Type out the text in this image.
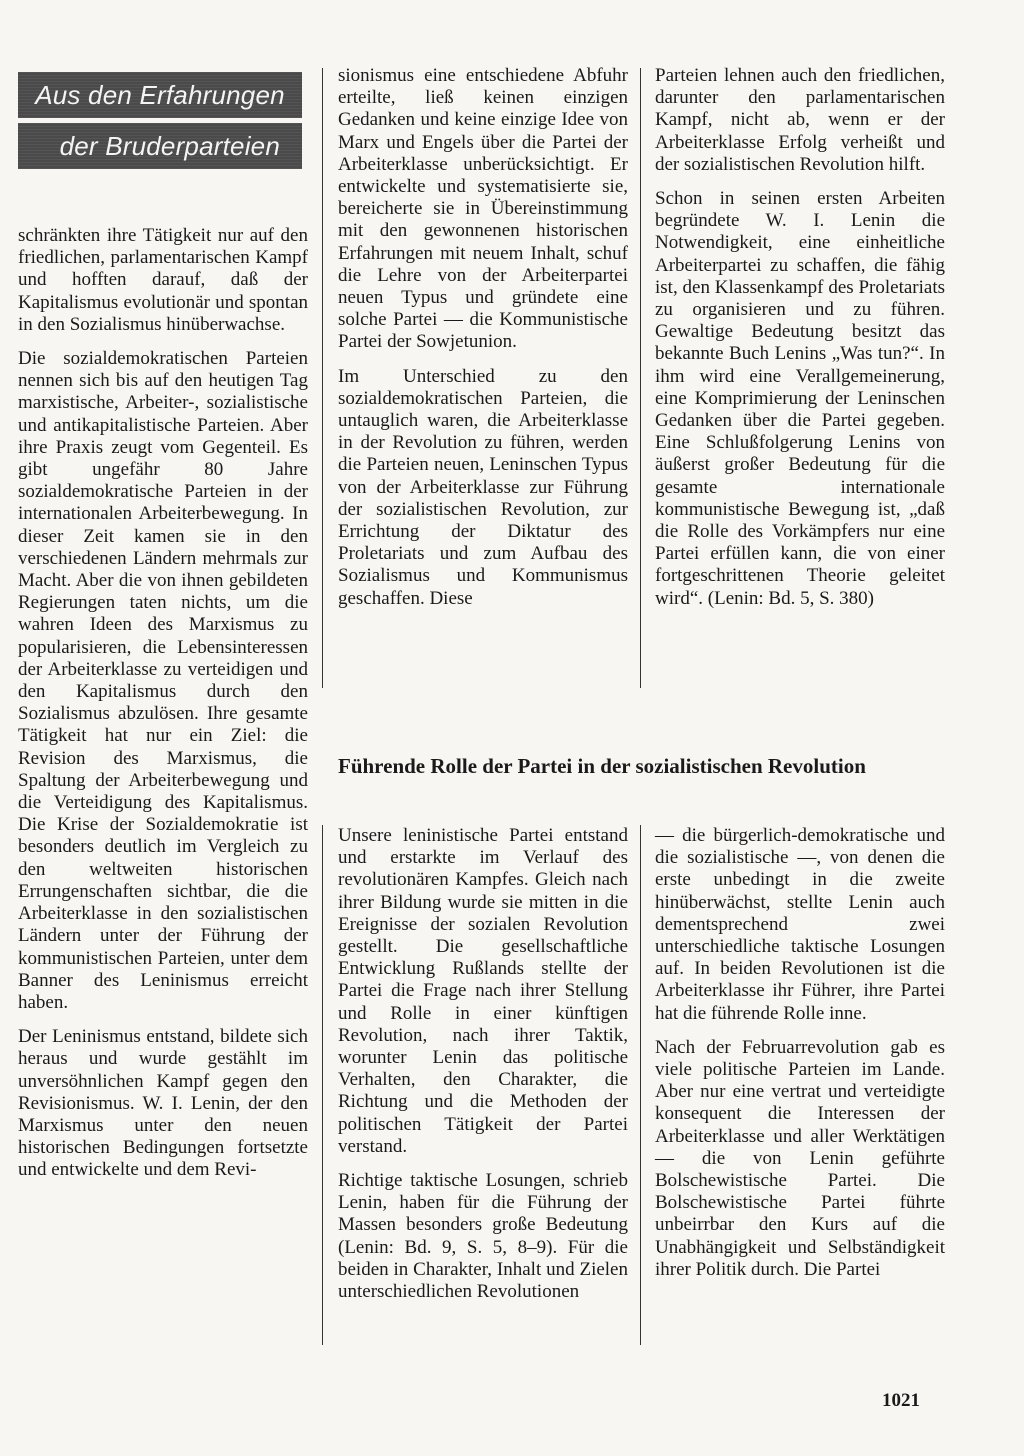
Aus den Erfahrungen
der Bruderparteien

schränkten ihre Tätigkeit nur auf den friedlichen, parlamentarischen Kampf und hofften darauf, daß der Kapitalismus evolutionär und spontan in den Sozialismus hinüberwachse.

Die sozialdemokratischen Parteien nennen sich bis auf den heutigen Tag marxistische, Arbeiter-, sozialistische und antikapitalistische Parteien. Aber ihre Praxis zeugt vom Gegenteil. Es gibt ungefähr 80 Jahre sozialdemokratische Parteien in der internationalen Arbeiterbewegung. In dieser Zeit kamen sie in den verschiedenen Ländern mehrmals zur Macht. Aber die von ihnen gebildeten Regierungen taten nichts, um die wahren Ideen des Marxismus zu popularisieren, die Lebensinteressen der Arbeiterklasse zu verteidigen und den Kapitalismus durch den Sozialismus abzulösen. Ihre gesamte Tätigkeit hat nur ein Ziel: die Revision des Marxismus, die Spaltung der Arbeiterbewegung und die Verteidigung des Kapitalismus. Die Krise der Sozialdemokratie ist besonders deutlich im Vergleich zu den weltweiten historischen Errungenschaften sichtbar, die die Arbeiterklasse in den sozialistischen Ländern unter der Führung der kommunistischen Parteien, unter dem Banner des Leninismus erreicht haben.

Der Leninismus entstand, bildete sich heraus und wurde gestählt im unversöhnlichen Kampf gegen den Revisionismus. W. I. Lenin, der den Marxismus unter den neuen historischen Bedingungen fortsetzte und entwickelte und dem Revi-

sionismus eine entschiedene Abfuhr erteilte, ließ keinen einzigen Gedanken und keine einzige Idee von Marx und Engels über die Partei der Arbeiterklasse unberücksichtigt. Er entwickelte und systematisierte sie, bereicherte sie in Übereinstimmung mit den gewonnenen historischen Erfahrungen mit neuem Inhalt, schuf die Lehre von der Arbeiterpartei neuen Typus und gründete eine solche Partei — die Kommunistische Partei der Sowjetunion.

Im Unterschied zu den sozialdemokratischen Parteien, die untauglich waren, die Arbeiterklasse in der Revolution zu führen, werden die Parteien neuen, Leninschen Typus von der Arbeiterklasse zur Führung der sozialistischen Revolution, zur Errichtung der Diktatur des Proletariats und zum Aufbau des Sozialismus und Kommunismus geschaffen. Diese

Parteien lehnen auch den friedlichen, darunter den parlamentarischen Kampf, nicht ab, wenn er der Arbeiterklasse Erfolg verheißt und der sozialistischen Revolution hilft.

Schon in seinen ersten Arbeiten begründete W. I. Lenin die Notwendigkeit, eine einheitliche Arbeiterpartei zu schaffen, die fähig ist, den Klassenkampf des Proletariats zu organisieren und zu führen. Gewaltige Bedeutung besitzt das bekannte Buch Lenins „Was tun?“. In ihm wird eine Verallgemeinerung, eine Komprimierung der Leninschen Gedanken über die Partei gegeben. Eine Schlußfolgerung Lenins von äußerst großer Bedeutung für die gesamte internationale kommunistische Bewegung ist, „daß die Rolle des Vorkämpfers nur eine Partei erfüllen kann, die von einer fortgeschrittenen Theorie geleitet wird“. (Lenin: Bd. 5, S. 380)

Führende Rolle der Partei in der sozialistischen Revolution

Unsere leninistische Partei entstand und erstarkte im Verlauf des revolutionären Kampfes. Gleich nach ihrer Bildung wurde sie mitten in die Ereignisse der sozialen Revolution gestellt. Die gesellschaftliche Entwicklung Rußlands stellte der Partei die Frage nach ihrer Stellung und Rolle in einer künftigen Revolution, nach ihrer Taktik, worunter Lenin das politische Verhalten, den Charakter, die Richtung und die Methoden der politischen Tätigkeit der Partei verstand.

Richtige taktische Losungen, schrieb Lenin, haben für die Führung der Massen besonders große Bedeutung (Lenin: Bd. 9, S. 5, 8–9). Für die beiden in Charakter, Inhalt und Zielen unterschiedlichen Revolutionen

— die bürgerlich-demokratische und die sozialistische —, von denen die erste unbedingt in die zweite hinüberwächst, stellte Lenin auch dementsprechend zwei unterschiedliche taktische Losungen auf. In beiden Revolutionen ist die Arbeiterklasse ihr Führer, ihre Partei hat die führende Rolle inne.

Nach der Februarrevolution gab es viele politische Parteien im Lande. Aber nur eine vertrat und verteidigte konsequent die Interessen der Arbeiterklasse und aller Werktätigen — die von Lenin geführte Bolschewistische Partei. Die Bolschewistische Partei führte unbeirrbar den Kurs auf die Unabhängigkeit und Selbständigkeit ihrer Politik durch. Die Partei

1021
